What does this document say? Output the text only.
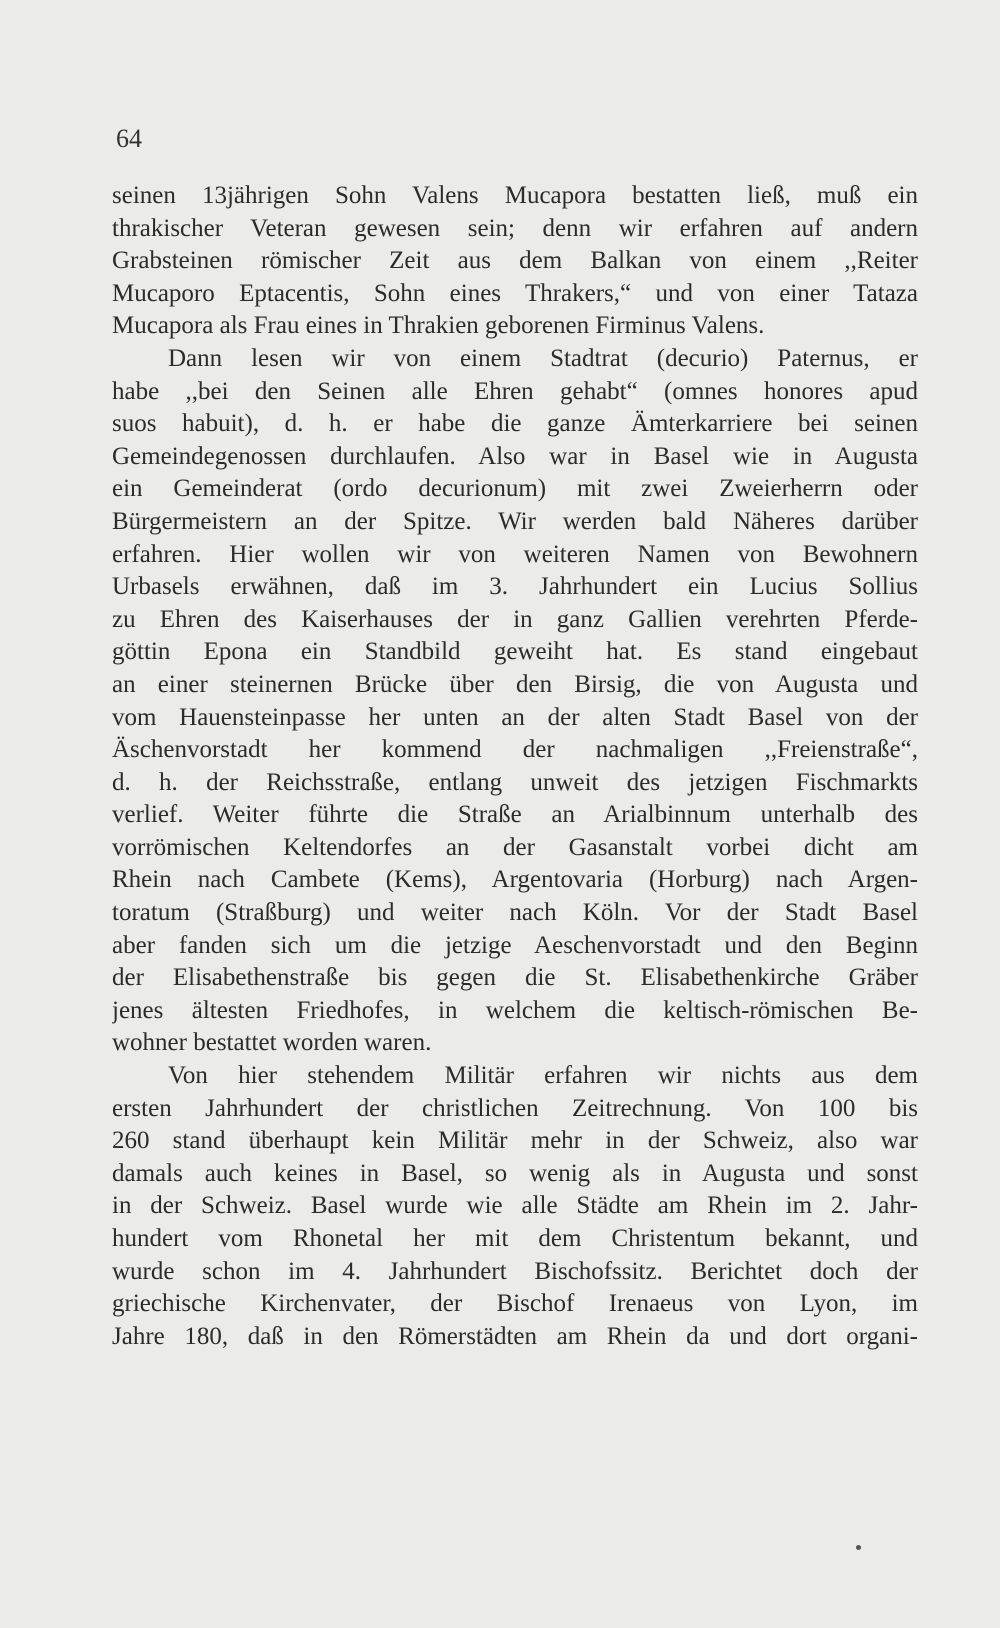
64
seinen 13jährigen Sohn Valens Mucapora bestatten ließ, muß ein
thrakischer Veteran gewesen sein; denn wir erfahren auf andern
Grabsteinen römischer Zeit aus dem Balkan von einem ,,Reiter
Mucaporo Eptacentis, Sohn eines Thrakers,“ und von einer Tataza
Mucapora als Frau eines in Thrakien geborenen Firminus Valens.
Dann lesen wir von einem Stadtrat (decurio) Paternus, er
habe ,,bei den Seinen alle Ehren gehabt“ (omnes honores apud
suos habuit), d. h. er habe die ganze Ämterkarriere bei seinen
Gemeindegenossen durchlaufen. Also war in Basel wie in Augusta
ein Gemeinderat (ordo decurionum) mit zwei Zweierherrn oder
Bürgermeistern an der Spitze. Wir werden bald Näheres darüber
erfahren. Hier wollen wir von weiteren Namen von Bewohnern
Urbasels erwähnen, daß im 3. Jahrhundert ein Lucius Sollius
zu Ehren des Kaiserhauses der in ganz Gallien verehrten Pferde-
göttin Epona ein Standbild geweiht hat. Es stand eingebaut
an einer steinernen Brücke über den Birsig, die von Augusta und
vom Hauensteinpasse her unten an der alten Stadt Basel von der
Äschenvorstadt her kommend der nachmaligen ,,Freienstraße“,
d. h. der Reichsstraße, entlang unweit des jetzigen Fischmarkts
verlief. Weiter führte die Straße an Arialbinnum unterhalb des
vorrömischen Keltendorfes an der Gasanstalt vorbei dicht am
Rhein nach Cambete (Kems), Argentovaria (Horburg) nach Argen-
toratum (Straßburg) und weiter nach Köln. Vor der Stadt Basel
aber fanden sich um die jetzige Aeschenvorstadt und den Beginn
der Elisabethenstraße bis gegen die St. Elisabethenkirche Gräber
jenes ältesten Friedhofes, in welchem die keltisch-römischen Be-
wohner bestattet worden waren.
Von hier stehendem Militär erfahren wir nichts aus dem
ersten Jahrhundert der christlichen Zeitrechnung. Von 100 bis
260 stand überhaupt kein Militär mehr in der Schweiz, also war
damals auch keines in Basel, so wenig als in Augusta und sonst
in der Schweiz. Basel wurde wie alle Städte am Rhein im 2. Jahr-
hundert vom Rhonetal her mit dem Christentum bekannt, und
wurde schon im 4. Jahrhundert Bischofssitz. Berichtet doch der
griechische Kirchenvater, der Bischof Irenaeus von Lyon, im
Jahre 180, daß in den Römerstädten am Rhein da und dort organi-
